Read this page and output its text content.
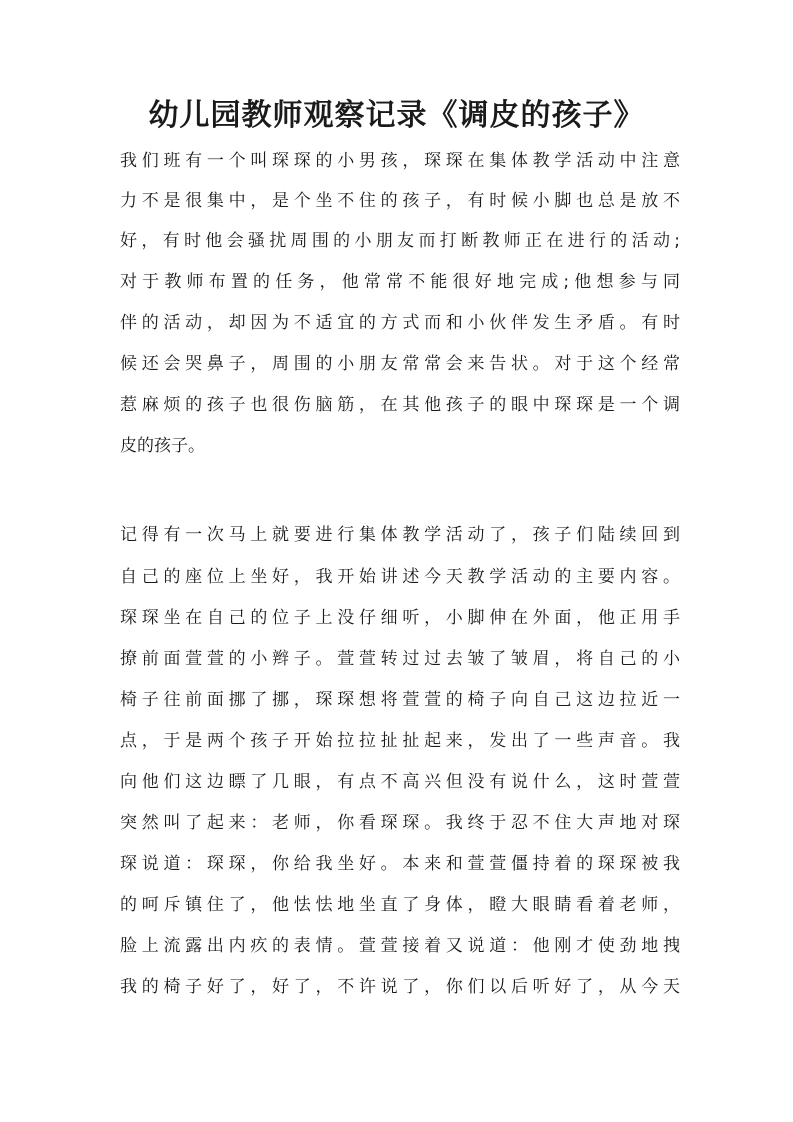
幼儿园教师观察记录《调皮的孩子》

我们班有一个叫琛琛的小男孩，琛琛在集体教学活动中注意

力不是很集中，是个坐不住的孩子，有时候小脚也总是放不

好，有时他会骚扰周围的小朋友而打断教师正在进行的活动;

对于教师布置的任务，他常常不能很好地完成;他想参与同

伴的活动，却因为不适宜的方式而和小伙伴发生矛盾。有时

候还会哭鼻子，周围的小朋友常常会来告状。对于这个经常

惹麻烦的孩子也很伤脑筋，在其他孩子的眼中琛琛是一个调

皮的孩子。

记得有一次马上就要进行集体教学活动了，孩子们陆续回到

自己的座位上坐好，我开始讲述今天教学活动的主要内容。

琛琛坐在自己的位子上没仔细听，小脚伸在外面，他正用手

撩前面萱萱的小辫子。萱萱转过过去皱了皱眉，将自己的小

椅子往前面挪了挪，琛琛想将萱萱的椅子向自己这边拉近一

点，于是两个孩子开始拉拉扯扯起来，发出了一些声音。我

向他们这边瞟了几眼，有点不高兴但没有说什么，这时萱萱

突然叫了起来：老师，你看琛琛。我终于忍不住大声地对琛

琛说道：琛琛，你给我坐好。本来和萱萱僵持着的琛琛被我

的呵斥镇住了，他怯怯地坐直了身体，瞪大眼睛看着老师，

脸上流露出内疚的表情。萱萱接着又说道：他刚才使劲地拽

我的椅子好了，好了，不许说了，你们以后听好了，从今天
